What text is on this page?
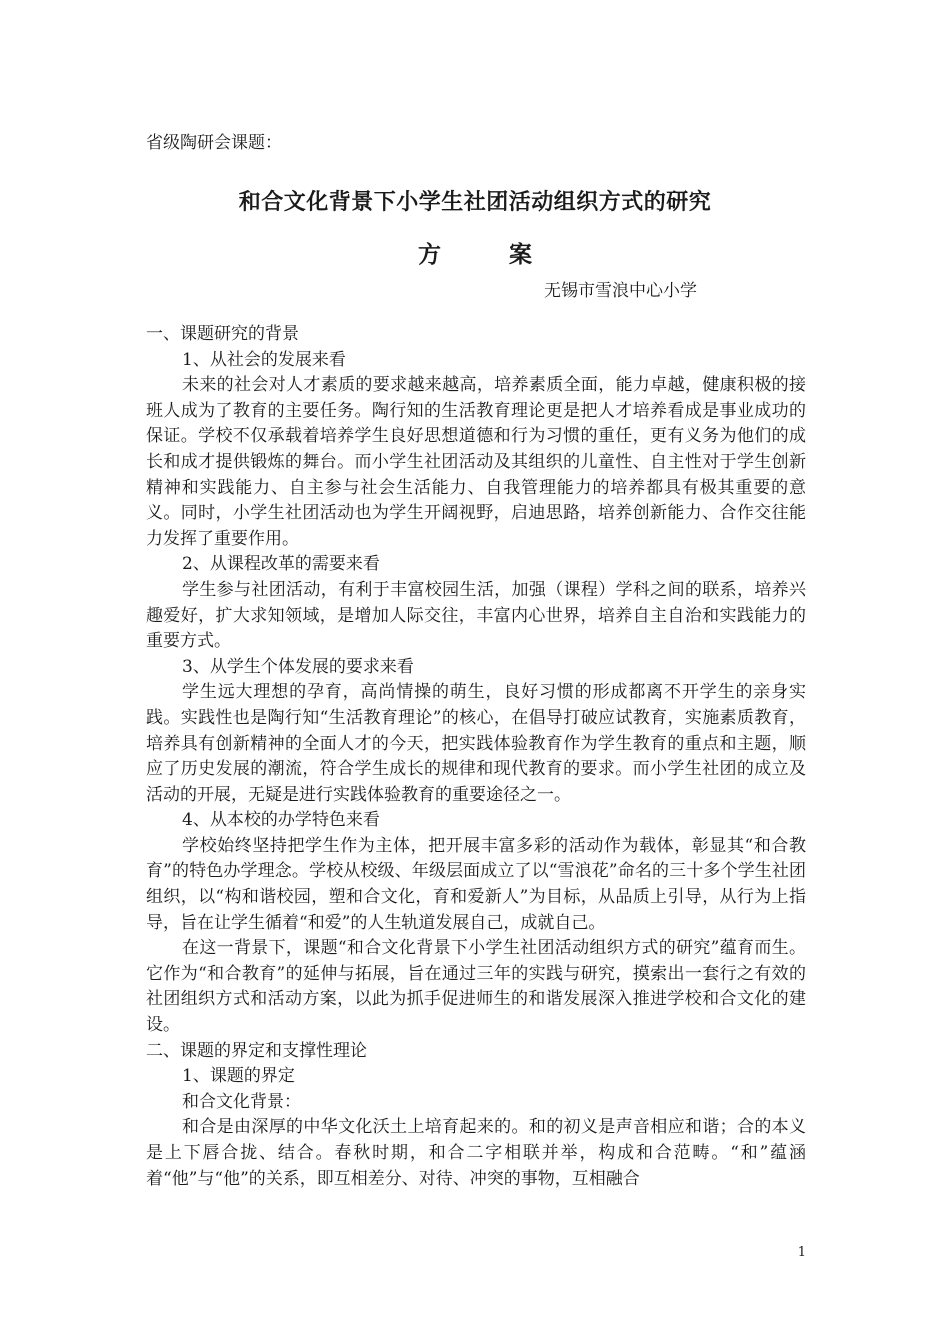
省级陶研会课题：
和合文化背景下小学生社团活动组织方式的研究
方	案
无锡市雪浪中心小学

一、课题研究的背景

1、从社会的发展来看

未来的社会对人才素质的要求越来越高，培养素质全面，能力卓越，健康积极的接班人成为了教育的主要任务。陶行知的生活教育理论更是把人才培养看成是事业成功的保证。学校不仅承载着培养学生良好思想道德和行为习惯的重任，更有义务为他们的成长和成才提供锻炼的舞台。而小学生社团活动及其组织的儿童性、自主性对于学生创新精神和实践能力、自主参与社会生活能力、自我管理能力的培养都具有极其重要的意义。同时，小学生社团活动也为学生开阔视野，启迪思路，培养创新能力、合作交往能力发挥了重要作用。

2、从课程改革的需要来看

学生参与社团活动，有利于丰富校园生活，加强（课程）学科之间的联系，培养兴趣爱好，扩大求知领域，是增加人际交往，丰富内心世界，培养自主自治和实践能力的重要方式。

3、从学生个体发展的要求来看

学生远大理想的孕育，高尚情操的萌生，良好习惯的形成都离不开学生的亲身实践。实践性也是陶行知“生活教育理论”的核心，在倡导打破应试教育，实施素质教育，培养具有创新精神的全面人才的今天，把实践体验教育作为学生教育的重点和主题，顺应了历史发展的潮流，符合学生成长的规律和现代教育的要求。而小学生社团的成立及活动的开展，无疑是进行实践体验教育的重要途径之一。

4、从本校的办学特色来看

学校始终坚持把学生作为主体，把开展丰富多彩的活动作为载体，彰显其“和合教育”的特色办学理念。学校从校级、年级层面成立了以“雪浪花”命名的三十多个学生社团组织，以“构和谐校园，塑和合文化，育和爱新人”为目标，从品质上引导，从行为上指导，旨在让学生循着“和爱”的人生轨道发展自己，成就自己。

在这一背景下，课题“和合文化背景下小学生社团活动组织方式的研究”蕴育而生。它作为“和合教育”的延伸与拓展，旨在通过三年的实践与研究，摸索出一套行之有效的社团组织方式和活动方案，以此为抓手促进师生的和谐发展深入推进学校和合文化的建设。

二、课题的界定和支撑性理论

1、课题的界定

和合文化背景：

和合是由深厚的中华文化沃土上培育起来的。和的初义是声音相应和谐；合的本义是上下唇合拢、结合。春秋时期，和合二字相联并举，构成和合范畴。“和”蕴涵着“他”与“他”的关系，即互相差分、对待、冲突的事物，互相融合

1
